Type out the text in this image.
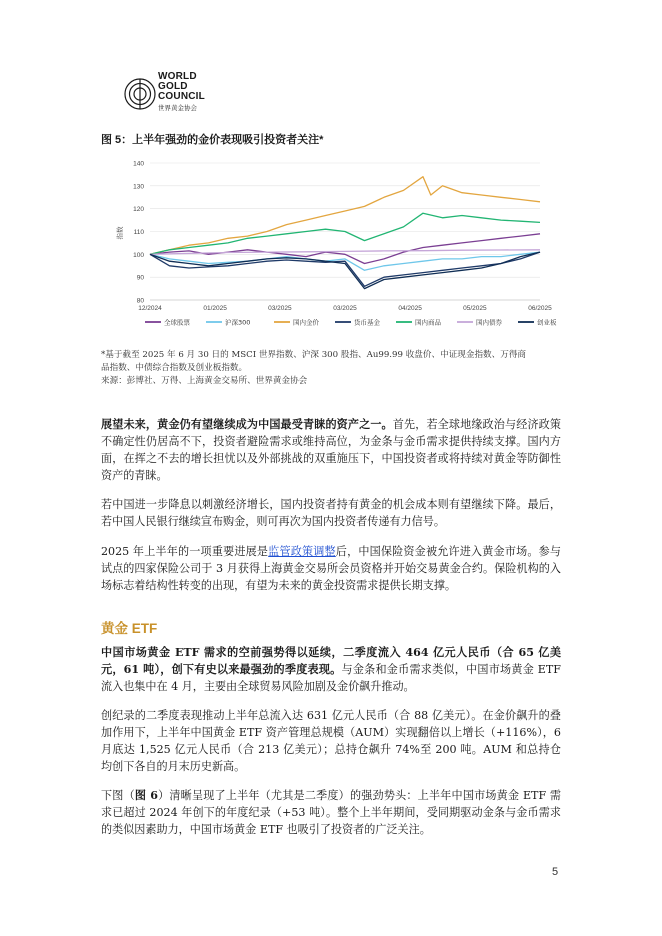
WORLD
GOLD
COUNCIL
世界黄金协会
图 5：上半年强劲的金价表现吸引投资者关注*
80
90
100
110
120
130
140
指数
12/2024	01/2025	03/2025	03/2025	04/2025	05/2025	06/2025
全球股票	沪深300	国内金价	货币基金	国内商品	国内债券	创业板
*基于截至 2025 年 6 月 30 日的 MSCI 世界指数、沪深 300 股指、Au99.99 收盘价、中证现金指数、万得商
品指数、中债综合指数及创业板指数。
来源：彭博社、万得、上海黄金交易所、世界黄金协会

展望未来，黄金仍有望继续成为中国最受青睐的资产之一。首先，若全球地缘政治与经济政策不确定性仍居高不下，投资者避险需求或维持高位，为金条与金币需求提供持续支撑。国内方面，在挥之不去的增长担忧以及外部挑战的双重施压下，中国投资者或将持续对黄金等防御性资产的青睐。

若中国进一步降息以刺激经济增长，国内投资者持有黄金的机会成本则有望继续下降。最后，若中国人民银行继续宣布购金，则可再次为国内投资者传递有力信号。

2025 年上半年的一项重要进展是监管政策调整后，中国保险资金被允许进入黄金市场。参与试点的四家保险公司于 3 月获得上海黄金交易所会员资格并开始交易黄金合约。保险机构的入场标志着结构性转变的出现，有望为未来的黄金投资需求提供长期支撑。

黄金 ETF

中国市场黄金 ETF 需求的空前强势得以延续，二季度流入 464 亿元人民币（合 65 亿美元，61 吨），创下有史以来最强劲的季度表现。与金条和金币需求类似，中国市场黄金 ETF 流入也集中在 4 月，主要由全球贸易风险加剧及金价飙升推动。

创纪录的二季度表现推动上半年总流入达 631 亿元人民币（合 88 亿美元）。在金价飙升的叠加作用下，上半年中国黄金 ETF 资产管理总规模（AUM）实现翻倍以上增长（+116%），6 月底达 1,525 亿元人民币（合 213 亿美元）；总持仓飙升 74%至 200 吨。AUM 和总持仓均创下各自的月末历史新高。

下图（图 6）清晰呈现了上半年（尤其是二季度）的强劲势头：上半年中国市场黄金 ETF 需求已超过 2024 年创下的年度纪录（+53 吨）。整个上半年期间，受同期驱动金条与金币需求的类似因素助力，中国市场黄金 ETF 也吸引了投资者的广泛关注。

5
